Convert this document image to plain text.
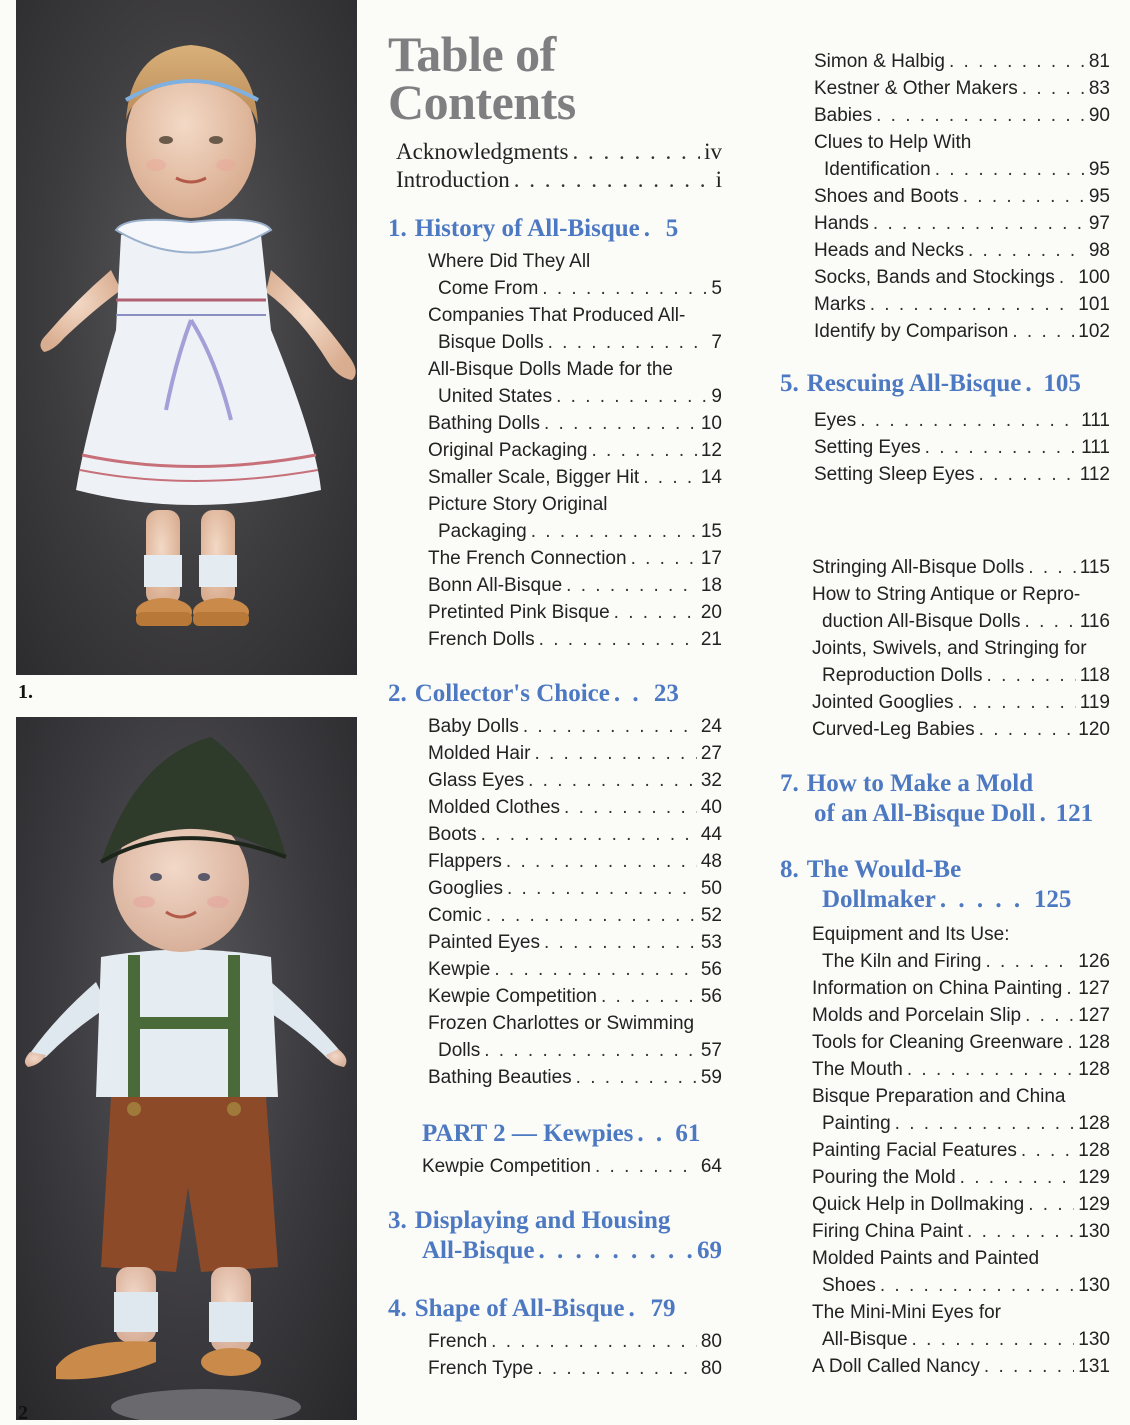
1.
2
Table of
Contents
Acknowledgments . . .	iv
Introduction . . .	i
1. History of All-Bisque . . . 5
Where Did They All
Come From . . .	5
Companies That Produced All-
Bisque Dolls . . .	7
All-Bisque Dolls Made for the
United States . . .	9
Bathing Dolls . . .	10
Original Packaging . . .	12
Smaller Scale, Bigger Hit . . .	14
Picture Story Original
Packaging . . .	15
The French Connection . . .	17
Bonn All-Bisque . . .	18
Pretinted Pink Bisque . . .	20
French Dolls . . .	21
2. Collector's Choice . . . 23
Baby Dolls . . .	24
Molded Hair . . .	27
Glass Eyes . . .	32
Molded Clothes . . .	40
Boots . . .	44
Flappers . . .	48
Googlies . . .	50
Comic . . .	52
Painted Eyes . . .	53
Kewpie . . .	56
Kewpie Competition . . .	56
Frozen Charlottes or Swimming
Dolls . . .	57
Bathing Beauties . . .	59
PART 2 — Kewpies . . . 61
Kewpie Competition . . .	64
3. Displaying and Housing
All-Bisque . . .	69
4. Shape of All-Bisque . . . 79
French . . .	80
French Type . . .	80
Simon & Halbig . . .	81
Kestner & Other Makers . . .	83
Babies . . .	90
Clues to Help With
Identification . . .	95
Shoes and Boots . . .	95
Hands . . .	97
Heads and Necks . . .	98
Socks, Bands and Stockings . . . 100
Marks . . .	101
Identify by Comparison . . .	102
5. Rescuing All-Bisque . . . 105
Eyes . . .	111
Setting Eyes . . .	111
Setting Sleep Eyes . . .	112
Stringing All-Bisque Dolls . . .	115
How to String Antique or Repro-
duction All-Bisque Dolls . . .	116
Joints, Swivels, and Stringing for
Reproduction Dolls . . .	118
Jointed Googlies . . .	119
Curved-Leg Babies . . .	120
7. How to Make a Mold
of an All-Bisque Doll . . . 121
8. The Would-Be
Dollmaker . . .	125
Equipment and Its Use:
The Kiln and Firing . . .	126
Information on China Painting . . . 127
Molds and Porcelain Slip . . .	127
Tools for Cleaning Greenware . . . 128
The Mouth . . .	128
Bisque Preparation and China
Painting . . .	128
Painting Facial Features . . .	128
Pouring the Mold . . .	129
Quick Help in Dollmaking . . .	129
Firing China Paint . . .	130
Molded Paints and Painted
Shoes . . .	130
The Mini-Mini Eyes for
All-Bisque . . .	130
A Doll Called Nancy . . .	131
